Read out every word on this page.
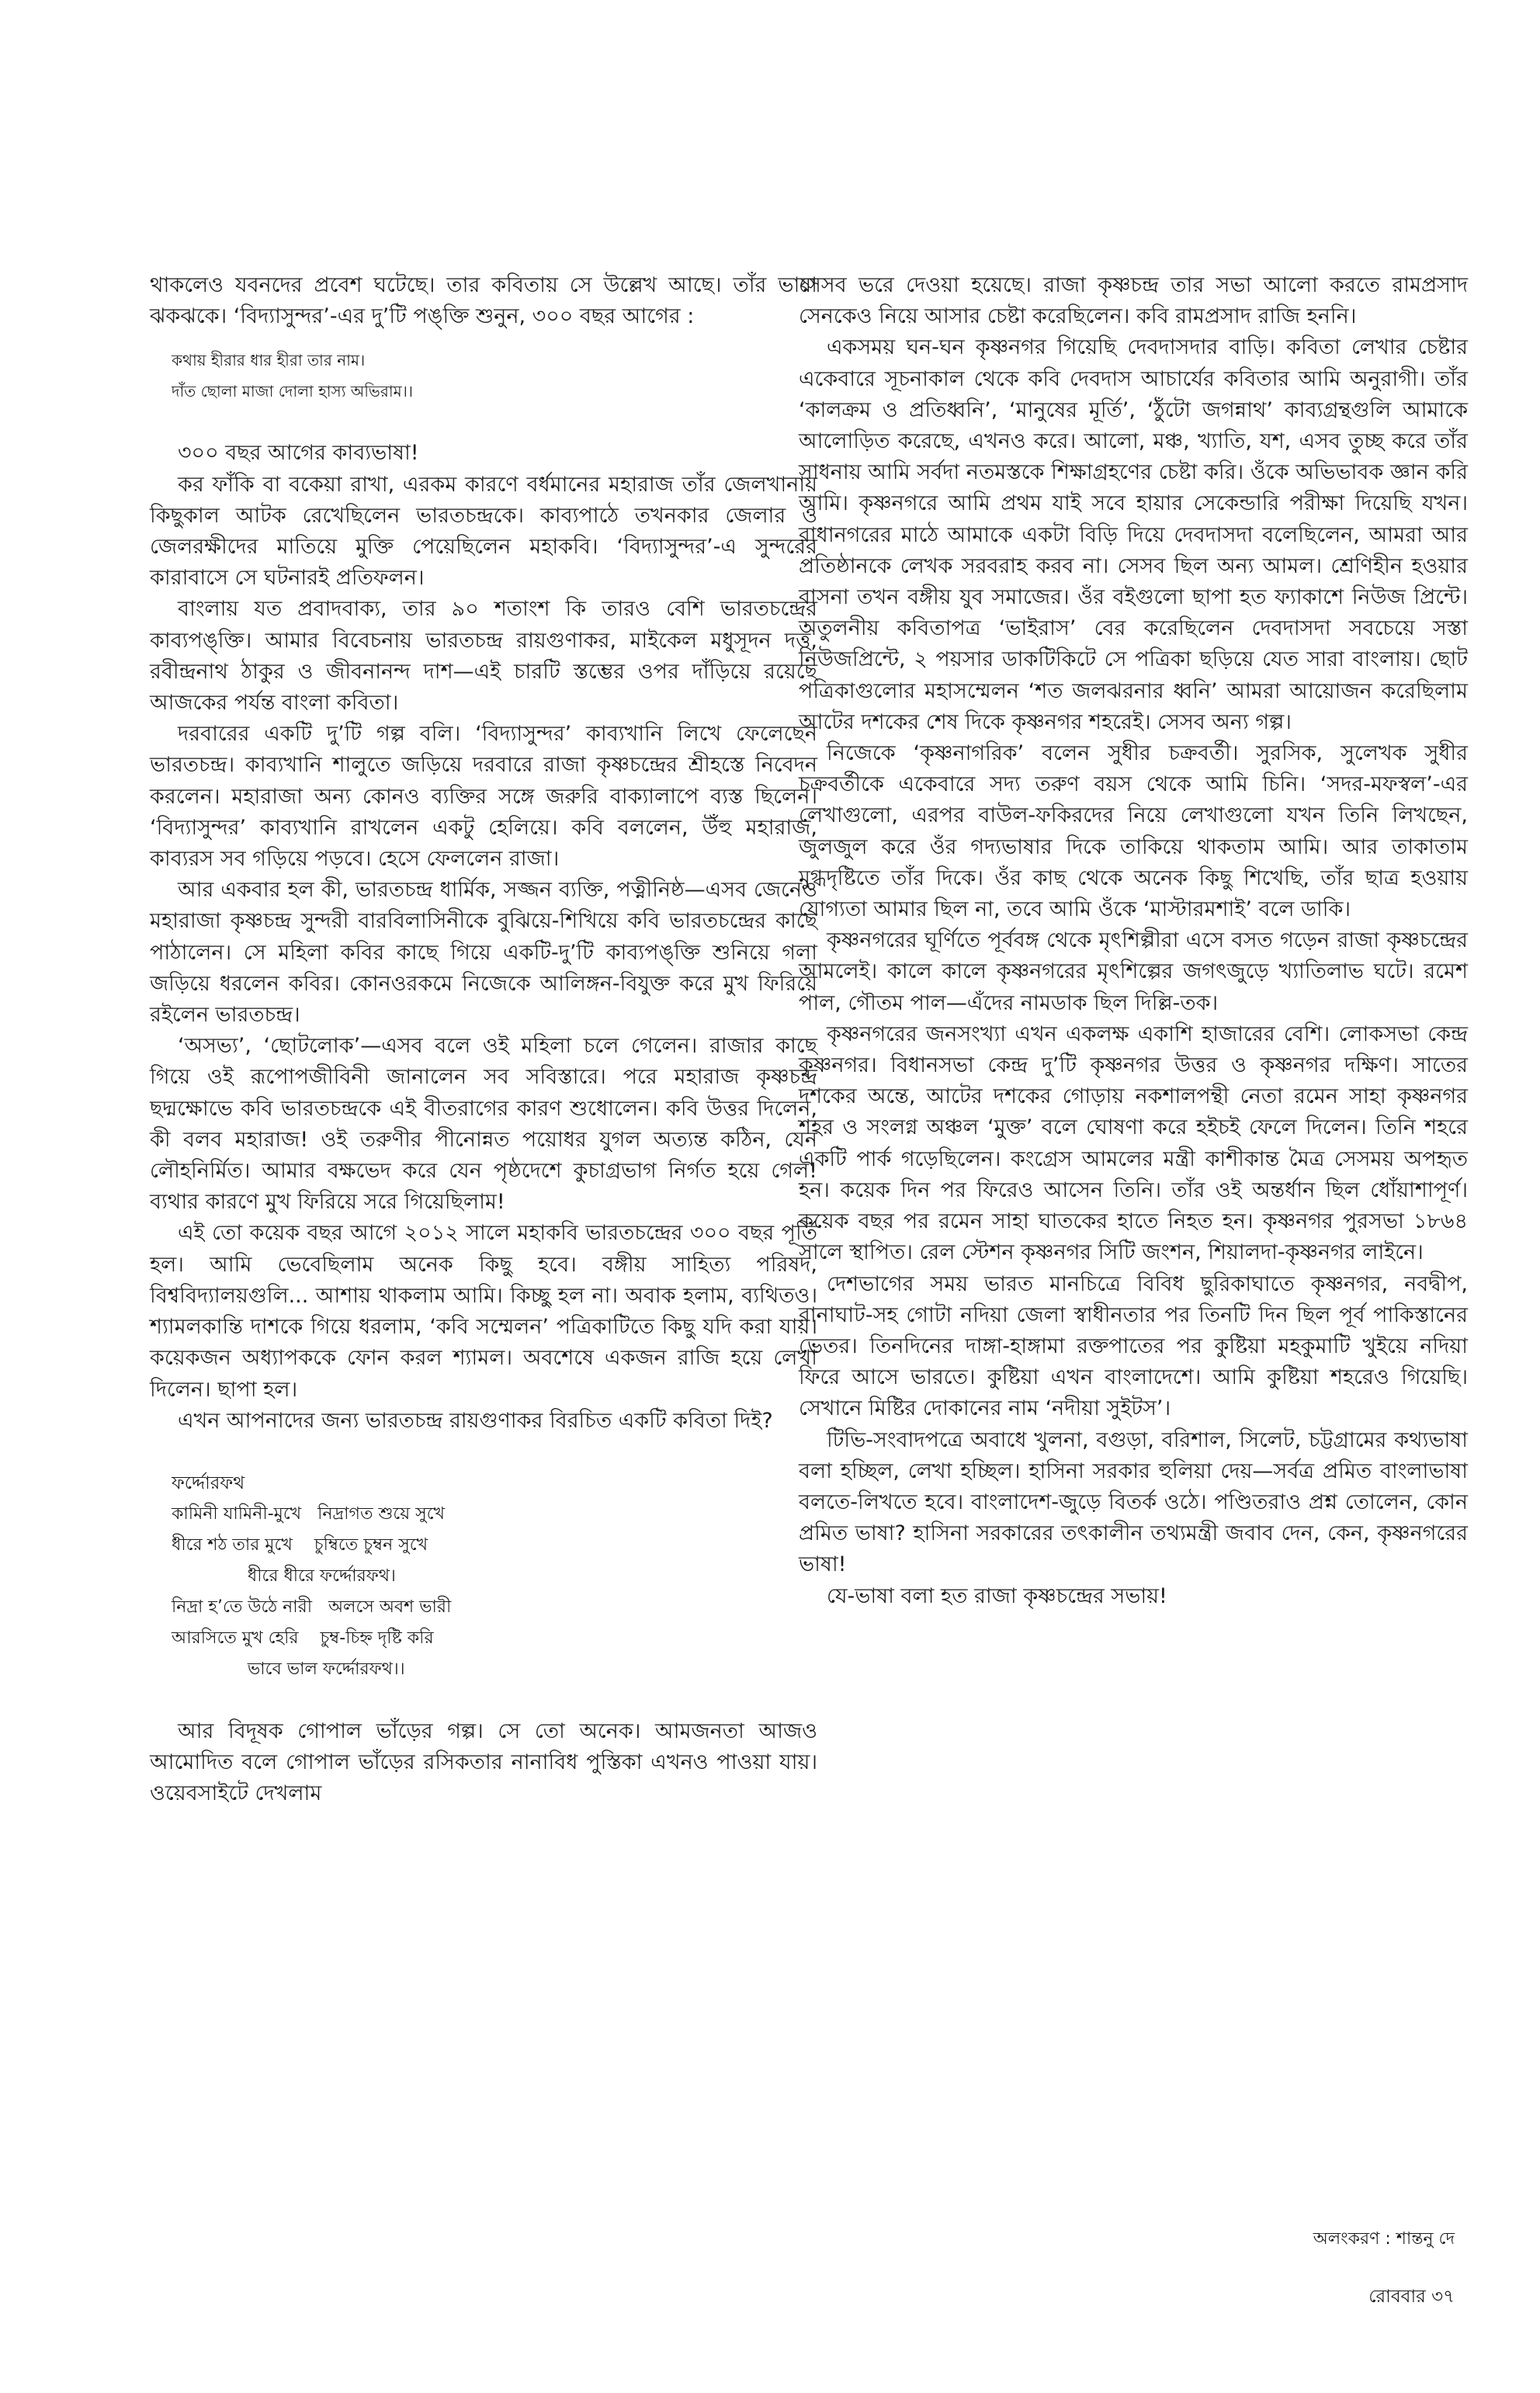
থাকলেও যবনদের প্রবেশ ঘটেছে। তার কবিতায় সে উল্লেখ আছে। তাঁর ভাষা ঝকঝকে। ‘বিদ্যাসুন্দর’-এর দু’টি পঙ্‌ক্তি শুনুন, ৩০০ বছর আগের :

কথায় হীরার ধার হীরা তার নাম।
দাঁত ছোলা মাজা দোলা হাস্য অভিরাম।।

৩০০ বছর আগের কাব্যভাষা!

কর ফাঁকি বা বকেয়া রাখা, এরকম কারণে বর্ধমানের মহারাজ তাঁর জেলখানায় কিছুকাল আটক রেখেছিলেন ভারতচন্দ্রকে। কাব্যপাঠে তখনকার জেলার ও জেলরক্ষীদের মাতিয়ে মুক্তি পেয়েছিলেন মহাকবি। ‘বিদ্যাসুন্দর’-এ সুন্দরের কারাবাসে সে ঘটনারই প্রতিফলন।

বাংলায় যত প্রবাদবাক্য, তার ৯০ শতাংশ কি তারও বেশি ভারতচন্দ্রের কাব্যপঙ্‌ক্তি। আমার বিবেচনায় ভারতচন্দ্র রায়গুণাকর, মাইকেল মধুসূদন দত্ত, রবীন্দ্রনাথ ঠাকুর ও জীবনানন্দ দাশ—এই চারটি স্তম্ভের ওপর দাঁড়িয়ে রয়েছে আজকের পর্যন্ত বাংলা কবিতা।

দরবারের একটি দু’টি গল্প বলি। ‘বিদ্যাসুন্দর’ কাব্যখানি লিখে ফেলেছেন ভারতচন্দ্র। কাব্যখানি শালুতে জড়িয়ে দরবারে রাজা কৃষ্ণচন্দ্রের শ্রীহস্তে নিবেদন করলেন। মহারাজা অন্য কোনও ব্যক্তির সঙ্গে জরুরি বাক্যালাপে ব্যস্ত ছিলেন। ‘বিদ্যাসুন্দর’ কাব্যখানি রাখলেন একটু হেলিয়ে। কবি বললেন, উঁহু মহারাজ, কাব্যরস সব গড়িয়ে পড়বে। হেসে ফেললেন রাজা।

আর একবার হল কী, ভারতচন্দ্র ধার্মিক, সজ্জন ব্যক্তি, পত্নীনিষ্ঠ—এসব জেনেও মহারাজা কৃষ্ণচন্দ্র সুন্দরী বারবিলাসিনীকে বুঝিয়ে-শিখিয়ে কবি ভারতচন্দ্রের কাছে পাঠালেন। সে মহিলা কবির কাছে গিয়ে একটি-দু’টি কাব্যপঙ্‌ক্তি শুনিয়ে গলা জড়িয়ে ধরলেন কবির। কোনওরকমে নিজেকে আলিঙ্গন-বিযুক্ত করে মুখ ফিরিয়ে রইলেন ভারতচন্দ্র।

‘অসভ্য’, ‘ছোটলোক’—এসব বলে ওই মহিলা চলে গেলেন। রাজার কাছে গিয়ে ওই রূপোপজীবিনী জানালেন সব সবিস্তারে। পরে মহারাজ কৃষ্ণচন্দ্র ছদ্মক্ষোভে কবি ভারতচন্দ্রকে এই বীতরাগের কারণ শুধোলেন। কবি উত্তর দিলেন, কী বলব মহারাজ! ওই তরুণীর পীনোন্নত পয়োধর যুগল অত্যন্ত কঠিন, যেন লৌহনির্মিত। আমার বক্ষভেদ করে যেন পৃষ্ঠদেশে কুচাগ্রভাগ নির্গত হয়ে গেল! ব্যথার কারণে মুখ ফিরিয়ে সরে গিয়েছিলাম!

এই তো কয়েক বছর আগে ২০১২ সালে মহাকবি ভারতচন্দ্রের ৩০০ বছর পূর্তি হল। আমি ভেবেছিলাম অনেক কিছু হবে। বঙ্গীয় সাহিত্য পরিষদ, বিশ্ববিদ্যালয়গুলি... আশায় থাকলাম আমি। কিচ্ছু হল না। অবাক হলাম, ব্যথিতও। শ্যামলকান্তি দাশকে গিয়ে ধরলাম, ‘কবি সম্মেলন’ পত্রিকাটিতে কিছু যদি করা যায়। কয়েকজন অধ্যাপককে ফোন করল শ্যামল। অবশেষে একজন রাজি হয়ে লেখা দিলেন। ছাপা হল।

এখন আপনাদের জন্য ভারতচন্দ্র রায়গুণাকর বিরচিত একটি কবিতা দিই?

ফর্দ্দোরফথ
কামিনী যামিনী-মুখে   নিদ্রাগত শুয়ে সুখে
ধীরে শঠ তার মুখে    চুম্বিতে চুম্বন সুখে
ধীরে ধীরে ফর্দ্দোরফথ।
নিদ্রা হ’তে উঠে নারী   অলসে অবশ ভারী
আরসিতে মুখ হেরি    চুম্ব-চিহ্ন দৃষ্টি করি
ভাবে ভাল ফর্দ্দোরফথ।।

আর বিদূষক গোপাল ভাঁড়ের গল্প। সে তো অনেক। আমজনতা আজও আমোদিত বলে গোপাল ভাঁড়ের রসিকতার নানাবিধ পুস্তিকা এখনও পাওয়া যায়। ওয়েবসাইটে দেখলাম

সেসব ভরে দেওয়া হয়েছে। রাজা কৃষ্ণচন্দ্র তার সভা আলো করতে রামপ্রসাদ সেনকেও নিয়ে আসার চেষ্টা করেছিলেন। কবি রামপ্রসাদ রাজি হননি।

একসময় ঘন-ঘন কৃষ্ণনগর গিয়েছি দেবদাসদার বাড়ি। কবিতা লেখার চেষ্টার একেবারে সূচনাকাল থেকে কবি দেবদাস আচার্যের কবিতার আমি অনুরাগী। তাঁর ‘কালক্রম ও প্রতিধ্বনি’, ‘মানুষের মূর্তি’, ‘ঠুঁটো জগন্নাথ’ কাব্যগ্রন্থগুলি আমাকে আলোড়িত করেছে, এখনও করে। আলো, মঞ্চ, খ্যাতি, যশ, এসব তুচ্ছ করে তাঁর সাধনায় আমি সর্বদা নতমস্তকে শিক্ষাগ্রহণের চেষ্টা করি। ওঁকে অভিভাবক জ্ঞান করি আমি। কৃষ্ণনগরে আমি প্রথম যাই সবে হায়ার সেকেন্ডারি পরীক্ষা দিয়েছি যখন। রাধানগরের মাঠে আমাকে একটা বিড়ি দিয়ে দেবদাসদা বলেছিলেন, আমরা আর প্রতিষ্ঠানকে লেখক সরবরাহ করব না। সেসব ছিল অন্য আমল। শ্রেণিহীন হওয়ার বাসনা তখন বঙ্গীয় যুব সমাজের। ওঁর বইগুলো ছাপা হত ফ্যাকাশে নিউজ প্রিন্টে। অতুলনীয় কবিতাপত্র ‘ভাইরাস’ বের করেছিলেন দেবদাসদা সবচেয়ে সস্তা নিউজপ্রিন্টে, ২ পয়সার ডাকটিকিটে সে পত্রিকা ছড়িয়ে যেত সারা বাংলায়। ছোট পত্রিকাগুলোর মহাসম্মেলন ‘শত জলঝরনার ধ্বনি’ আমরা আয়োজন করেছিলাম আটের দশকের শেষ দিকে কৃষ্ণনগর শহরেই। সেসব অন্য গল্প।

নিজেকে ‘কৃষ্ণনাগরিক’ বলেন সুধীর চক্রবর্তী। সুরসিক, সুলেখক সুধীর চক্রবর্তীকে একেবারে সদ্য তরুণ বয়স থেকে আমি চিনি। ‘সদর-মফস্বল’-এর লেখাগুলো, এরপর বাউল-ফকিরদের নিয়ে লেখাগুলো যখন তিনি লিখছেন, জুলজুল করে ওঁর গদ্যভাষার দিকে তাকিয়ে থাকতাম আমি। আর তাকাতাম মুগ্ধদৃষ্টিতে তাঁর দিকে। ওঁর কাছ থেকে অনেক কিছু শিখেছি, তাঁর ছাত্র হওয়ায় যোগ্যতা আমার ছিল না, তবে আমি ওঁকে ‘মাস্টারমশাই’ বলে ডাকি।

কৃষ্ণনগরের ঘূর্ণিতে পূর্ববঙ্গ থেকে মৃৎশিল্পীরা এসে বসত গড়েন রাজা কৃষ্ণচন্দ্রের আমলেই। কালে কালে কৃষ্ণনগরের মৃৎশিল্পের জগৎজুড়ে খ্যাতিলাভ ঘটে। রমেশ পাল, গৌতম পাল—এঁদের নামডাক ছিল দিল্লি-তক।

কৃষ্ণনগরের জনসংখ্যা এখন একলক্ষ একাশি হাজারের বেশি। লোকসভা কেন্দ্র কৃষ্ণনগর। বিধানসভা কেন্দ্র দু’টি কৃষ্ণনগর উত্তর ও কৃষ্ণনগর দক্ষিণ। সাতের দশকের অন্তে, আটের দশকের গোড়ায় নকশালপন্থী নেতা রমেন সাহা কৃষ্ণনগর শহর ও সংলগ্ন অঞ্চল ‘মুক্ত’ বলে ঘোষণা করে হইচই ফেলে দিলেন। তিনি শহরে একটি পার্ক গড়েছিলেন। কংগ্রেস আমলের মন্ত্রী কাশীকান্ত মৈত্র সেসময় অপহৃত হন। কয়েক দিন পর ফিরেও আসেন তিনি। তাঁর ওই অন্তর্ধান ছিল ধোঁয়াশাপূর্ণ। কয়েক বছর পর রমেন সাহা ঘাতকের হাতে নিহত হন। কৃষ্ণনগর পুরসভা ১৮৬৪ সালে স্থাপিত। রেল স্টেশন কৃষ্ণনগর সিটি জংশন, শিয়ালদা-কৃষ্ণনগর লাইনে।

দেশভাগের সময় ভারত মানচিত্রে বিবিধ ছুরিকাঘাতে কৃষ্ণনগর, নবদ্বীপ, রানাঘাট-সহ গোটা নদিয়া জেলা স্বাধীনতার পর তিনটি দিন ছিল পূর্ব পাকিস্তানের ভেতর। তিনদিনের দাঙ্গা-হাঙ্গামা রক্তপাতের পর কুষ্টিয়া মহকুমাটি খুইয়ে নদিয়া ফিরে আসে ভারতে। কুষ্টিয়া এখন বাংলাদেশে। আমি কুষ্টিয়া শহরেও গিয়েছি। সেখানে মিষ্টির দোকানের নাম ‘নদীয়া সুইটস’।

টিভি-সংবাদপত্রে অবাধে খুলনা, বগুড়া, বরিশাল, সিলেট, চট্টগ্রামের কথ্যভাষা বলা হচ্ছিল, লেখা হচ্ছিল। হাসিনা সরকার হুলিয়া দেয়—সর্বত্র প্রমিত বাংলাভাষা বলতে-লিখতে হবে। বাংলাদেশ-জুড়ে বিতর্ক ওঠে। পণ্ডিতরাও প্রশ্ন তোলেন, কোন প্রমিত ভাষা? হাসিনা সরকারের তৎকালীন তথ্যমন্ত্রী জবাব দেন, কেন, কৃষ্ণনগরের ভাষা!

যে-ভাষা বলা হত রাজা কৃষ্ণচন্দ্রের সভায়!

অলংকরণ : শান্তনু দে
রোববার ৩৭
